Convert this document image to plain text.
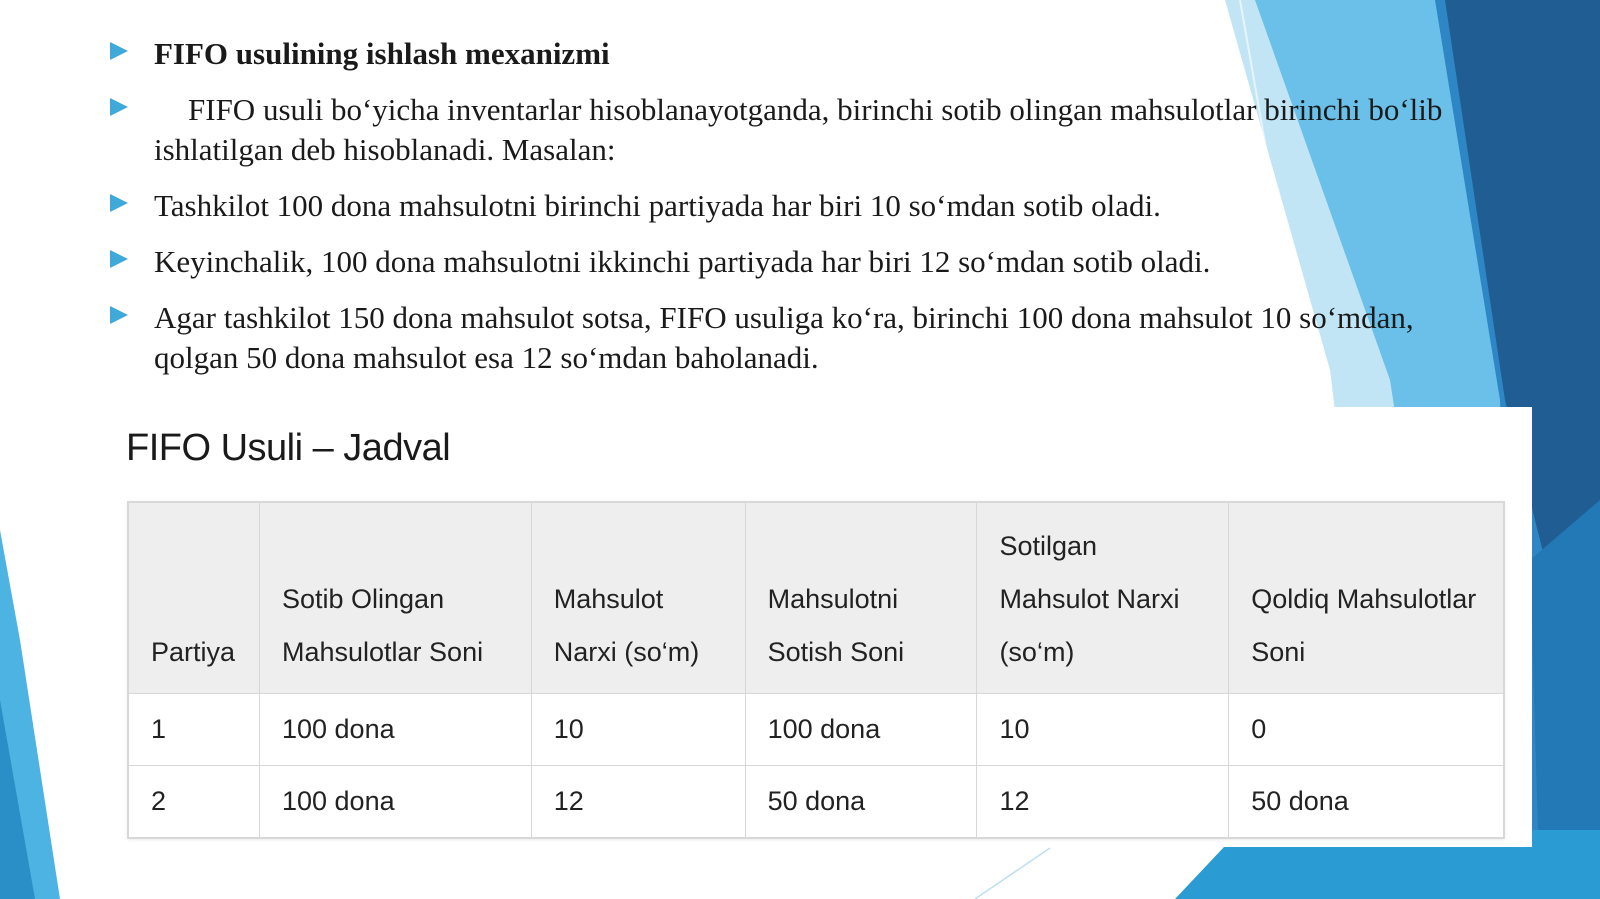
FIFO usulining ishlash mexanizmi
FIFO usuli bo‘yicha inventarlar hisoblanayotganda, birinchi sotib olingan mahsulotlar birinchi bo‘lib ishlatilgan deb hisoblanadi. Masalan:
Tashkilot 100 dona mahsulotni birinchi partiyada har biri 10 so‘mdan sotib oladi.
Keyinchalik, 100 dona mahsulotni ikkinchi partiyada har biri 12 so‘mdan sotib oladi.
Agar tashkilot 150 dona mahsulot sotsa, FIFO usuliga ko‘ra, birinchi 100 dona mahsulot 10 so‘mdan, qolgan 50 dona mahsulot esa 12 so‘mdan baholanadi.
FIFO Usuli – Jadval
Partiya	Sotib Olingan Mahsulotlar Soni	Mahsulot Narxi (so‘m)	Mahsulotni Sotish Soni	Sotilgan Mahsulot Narxi (so‘m)	Qoldiq Mahsulotlar Soni
1	100 dona	10	100 dona	10	0
2	100 dona	12	50 dona	12	50 dona
